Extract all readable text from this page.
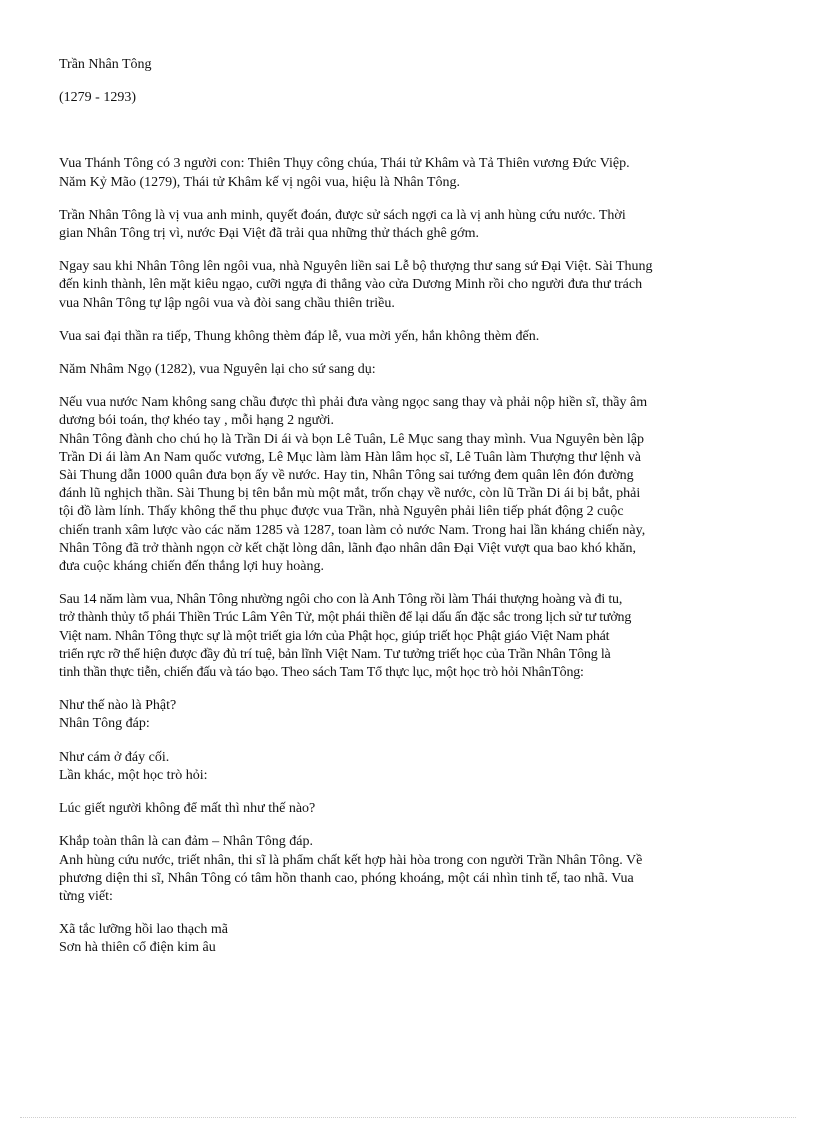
Trần Nhân Tông

(1279 - 1293)

Vua Thánh Tông có 3 người con: Thiên Thụy công chúa, Thái tử Khâm và Tả Thiên vương Đức Việp.

Năm Kỷ Mão (1279), Thái tử Khâm kế vị ngôi vua, hiệu là Nhân Tông.

Trần Nhân Tông là vị vua anh minh, quyết đoán, được sử sách ngợi ca là vị anh hùng cứu nước. Thời

gian Nhân Tông trị vì, nước Đại Việt đã trải qua những thử thách ghê gớm.

Ngay sau khi Nhân Tông lên ngôi vua, nhà Nguyên liền sai Lễ bộ thượng thư sang sứ Đại Việt. Sài Thung

đến kinh thành, lên mặt kiêu ngạo, cưỡi ngựa đi thẳng vào cửa Dương Minh rồi cho người đưa thư trách

vua Nhân Tông tự lập ngôi vua và đòi sang chầu thiên triều.

Vua sai đại thần ra tiếp, Thung không thèm đáp lễ, vua mời yến, hắn không thèm đến.

Năm Nhâm Ngọ (1282), vua Nguyên lại cho sứ sang dụ:

Nếu vua nước Nam không sang chầu được thì phải đưa vàng ngọc sang thay và phải nộp hiền sĩ, thầy âm

dương bói toán, thợ khéo tay , mỗi hạng 2 người.

Nhân Tông đành cho chú họ là Trần Di ái và bọn Lê Tuân, Lê Mục sang thay mình. Vua Nguyên bèn lập

Trần Di ái làm An Nam quốc vương, Lê Mục làm làm Hàn lâm học sĩ, Lê Tuân làm Thượng thư lệnh và

Sài Thung dẫn 1000 quân đưa bọn ấy về nước. Hay tin, Nhân Tông sai tướng đem quân lên đón đường

đánh lũ nghịch thần. Sài Thung bị tên bắn mù một mắt, trốn chạy về nước, còn lũ Trần Di ái bị bắt, phải

tội đồ làm lính. Thấy không thể thu phục được vua Trần, nhà Nguyên phải liên tiếp phát động 2 cuộc

chiến tranh xâm lược vào các năm 1285 và 1287, toan làm cỏ nước Nam. Trong hai lần kháng chiến này,

Nhân Tông đã trở thành ngọn cờ kết chặt lòng dân, lãnh đạo nhân dân Đại Việt vượt qua bao khó khăn,

đưa cuộc kháng chiến đến thắng lợi huy hoàng.

Sau 14 năm làm vua, Nhân Tông nhường ngôi cho con là Anh Tông rồi làm Thái thượng hoàng và đi tu,

trở thành thủy tổ phái Thiền Trúc Lâm Yên Tử, một phái thiền để lại dấu ấn đặc sắc trong lịch sử tư tưởng

Việt nam. Nhân Tông thực sự là một triết gia lớn của Phật học, giúp triết học Phật giáo Việt Nam phát

triển rực rỡ thể hiện được đầy đủ trí tuệ, bản lĩnh Việt Nam. Tư tưởng triết học của Trần Nhân Tông là

tinh thần thực tiễn, chiến đấu và táo bạo. Theo sách Tam Tổ thực lục, một học trò hỏi NhânTông:

Như thế nào là Phật?

Nhân Tông đáp:

Như cám ở đáy cối.

Lần khác, một học trò hỏi:

Lúc giết người không để mất thì như thế nào?

Khắp toàn thân là can đảm – Nhân Tông đáp.

Anh hùng cứu nước, triết nhân, thi sĩ là phẩm chất kết hợp hài hòa trong con người Trần Nhân Tông. Về

phương diện thi sĩ, Nhân Tông có tâm hồn thanh cao, phóng khoáng, một cái nhìn tinh tế, tao nhã. Vua

từng viết:

Xã tắc lưỡng hồi lao thạch mã

Sơn hà thiên cổ điện kim âu
